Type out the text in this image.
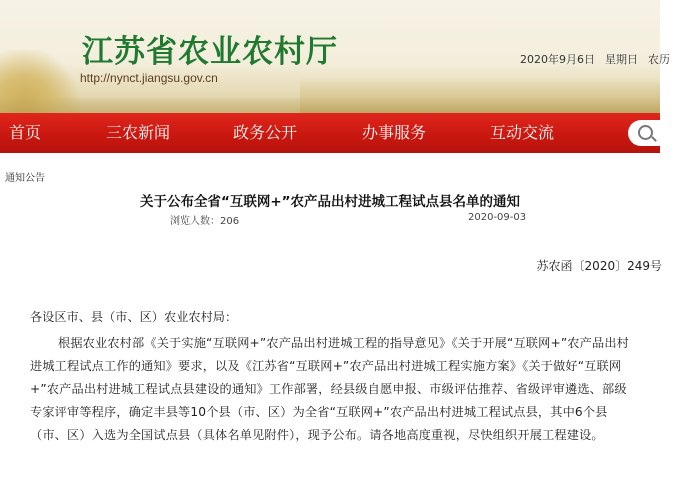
江苏省农业农村厅
http://nynct.jiangsu.gov.cn
2020年9月6日 星期日 农历
首页	三农新闻	政务公开	办事服务	互动交流
通知公告
关于公布全省“互联网+”农产品出村进城工程试点县名单的通知
浏览人数：206	2020-09-03
苏农函〔2020〕249号

各设区市、县（市、区）农业农村局：

根据农业农村部《关于实施“互联网+”农产品出村进城工程的指导意见》《关于开展“互联网+”农产品出村进城工程试点工作的通知》要求，以及《江苏省“互联网+”农产品出村进城工程实施方案》《关于做好“互联网+”农产品出村进城工程试点县建设的通知》工作部署，经县级自愿申报、市级评估推荐、省级评审遴选、部级专家评审等程序，确定丰县等10个县（市、区）为全省“互联网+”农产品出村进城工程试点县，其中6个县（市、区）入选为全国试点县（具体名单见附件），现予公布。请各地高度重视，尽快组织开展工程建设。
